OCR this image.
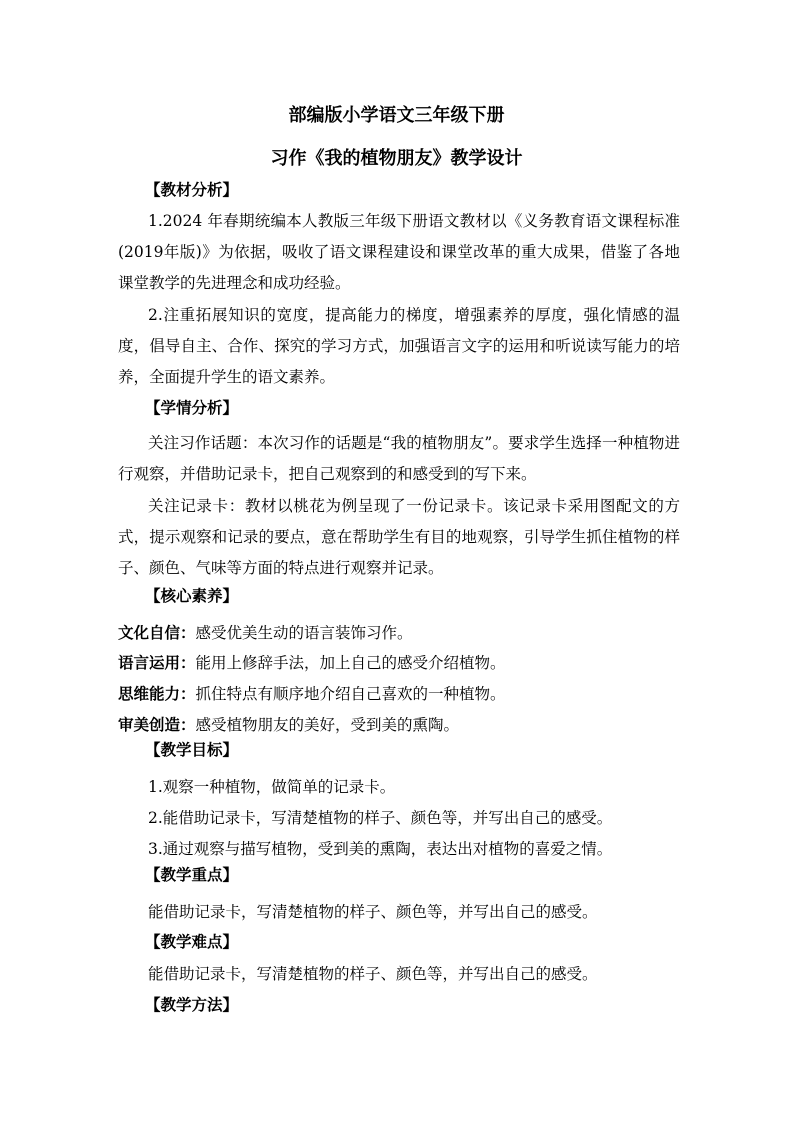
部编版小学语文三年级下册
习作《我的植物朋友》教学设计
【教材分析】

1.2024 年春期统编本人教版三年级下册语文教材以《义务教育语文课程标准(2019年版)》为依据，吸收了语文课程建设和课堂改革的重大成果，借鉴了各地课堂教学的先进理念和成功经验。

2.注重拓展知识的宽度，提高能力的梯度，增强素养的厚度，强化情感的温度，倡导自主、合作、探究的学习方式，加强语言文字的运用和听说读写能力的培养，全面提升学生的语文素养。

【学情分析】

关注习作话题：本次习作的话题是“我的植物朋友”。要求学生选择一种植物进行观察，并借助记录卡，把自己观察到的和感受到的写下来。

关注记录卡：教材以桃花为例呈现了一份记录卡。该记录卡采用图配文的方式，提示观察和记录的要点，意在帮助学生有目的地观察，引导学生抓住植物的样子、颜色、气味等方面的特点进行观察并记录。

【核心素养】
文化自信：感受优美生动的语言装饰习作。
语言运用：能用上修辞手法，加上自己的感受介绍植物。
思维能力：抓住特点有顺序地介绍自己喜欢的一种植物。
审美创造：感受植物朋友的美好，受到美的熏陶。
【教学目标】
1.观察一种植物，做简单的记录卡。
2.能借助记录卡，写清楚植物的样子、颜色等，并写出自己的感受。
3.通过观察与描写植物，受到美的熏陶，表达出对植物的喜爱之情。
【教学重点】
能借助记录卡，写清楚植物的样子、颜色等，并写出自己的感受。
【教学难点】
能借助记录卡，写清楚植物的样子、颜色等，并写出自己的感受。
【教学方法】
